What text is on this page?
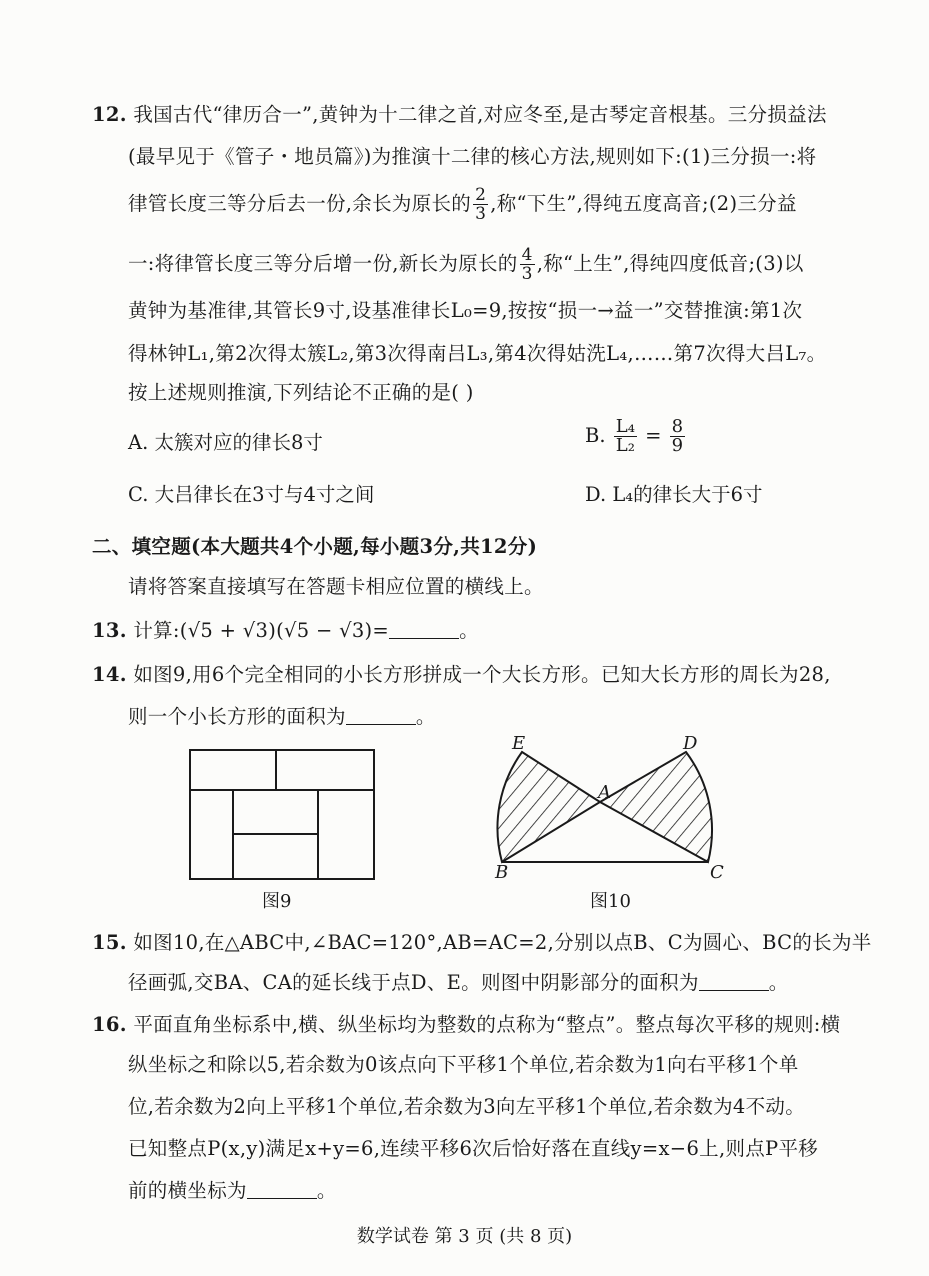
12. 我国古代“律历合一”,黄钟为十二律之首,对应冬至,是古琴定音根基。三分损益法
(最早见于《管子・地员篇》)为推演十二律的核心方法,规则如下:(1)三分损一:将
律管长度三等分后去一份,余长为原长的 $\frac{2}{3}$ ,称“下生”,得纯五度高音;(2)三分益
一:将律管长度三等分后增一份,新长为原长的 $\frac{4}{3}$ ,称“上生”,得纯四度低音;(3)以
黄钟为基准律,其管长9寸,设基准律长L₀=9,按按“损一→益一”交替推演:第1次
得林钟L₁,第2次得太簇L₂,第3次得南吕L₃,第4次得姑洗L₄,……第7次得大吕L₇。
按上述规则推演,下列结论不正确的是( )
A. 太簇对应的律长8寸	B. $\frac{\text{L₄}}{\text{L₂}} = \frac{8}{9}$
C. 大吕律长在3寸与4寸之间	D. L₄的律长大于6寸
二、填空题(本大题共4个小题,每小题3分,共12分)
请将答案直接填写在答题卡相应位置的横线上。
13. 计算:(√5 + √3)(√5 − √3)=	。
14. 如图9,用6个完全相同的小长方形拼成一个大长方形。已知大长方形的周长为28,
则一个小长方形的面积为	。
图9
E	D
A
B	C
图10
15. 如图10,在△ABC中,∠BAC=120°,AB=AC=2,分别以点B、C为圆心、BC的长为半
径画弧,交BA、CA的延长线于点D、E。则图中阴影部分的面积为	。
16. 平面直角坐标系中,横、纵坐标均为整数的点称为“整点”。整点每次平移的规则:横
纵坐标之和除以5,若余数为0该点向下平移1个单位,若余数为1向右平移1个单
位,若余数为2向上平移1个单位,若余数为3向左平移1个单位,若余数为4不动。
已知整点P(x,y)满足x+y=6,连续平移6次后恰好落在直线y=x−6上,则点P平移
前的横坐标为	。
数学试卷 第 3 页 (共 8 页)
